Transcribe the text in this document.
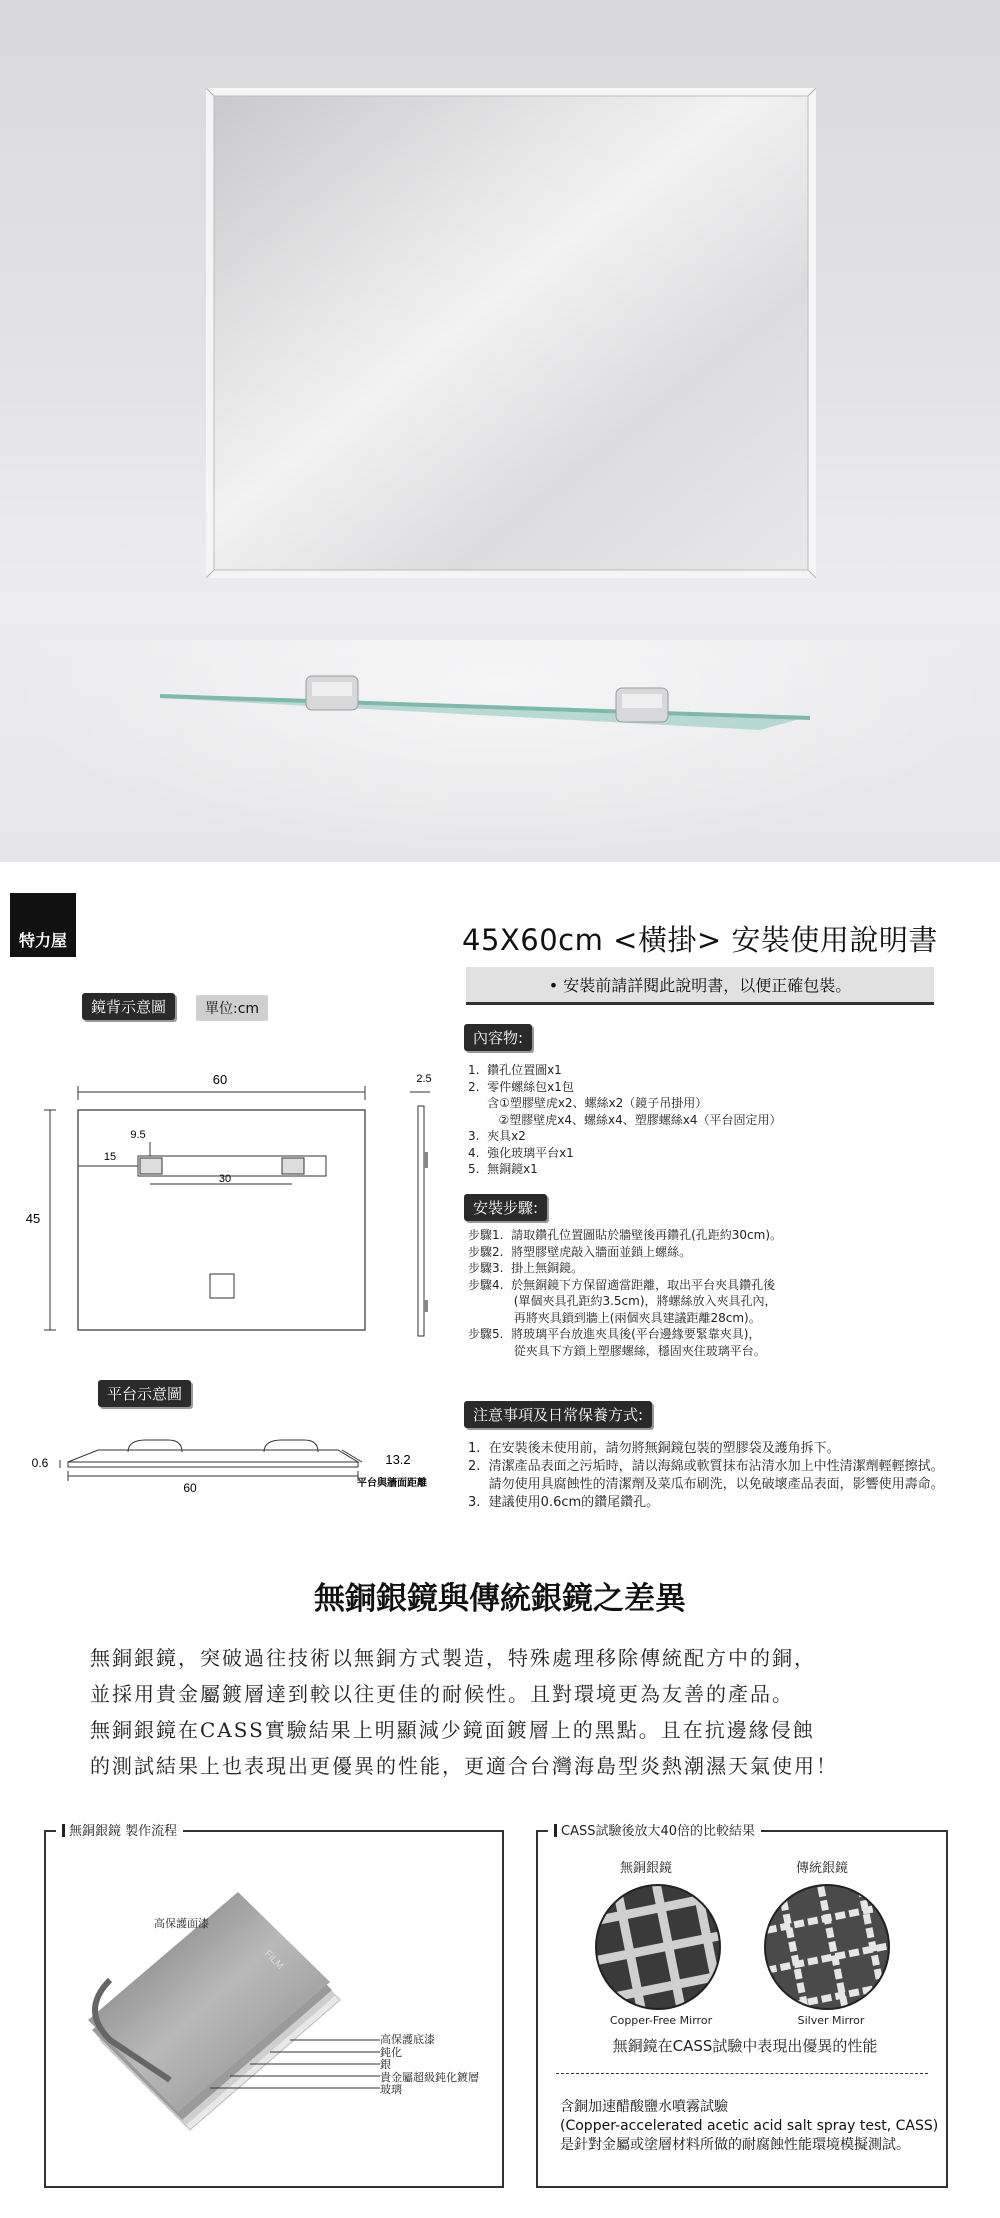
特力屋	45X60cm <橫掛> 安裝使用說明書
• 安裝前請詳閱此說明書，以便正確包裝。
鏡背示意圖	單位:cm
60
45
15
9.5
30
2.5
平台示意圖
0.6
60
13.2
平台與牆面距離
內容物:
1.  鑽孔位置圖x1
2.  零件螺絲包x1包
含①塑膠壁虎x2、螺絲x2（鏡子吊掛用）
②塑膠壁虎x4、螺絲x4、塑膠螺絲x4（平台固定用）
3.  夾具x2
4.  強化玻璃平台x1
5.  無銅鏡x1
安裝步驟:
步驟1.  請取鑽孔位置圖貼於牆壁後再鑽孔(孔距約30cm)。
步驟2.  將塑膠壁虎敲入牆面並鎖上螺絲。
步驟3.  掛上無銅鏡。
步驟4.  於無銅鏡下方保留適當距離，取出平台夾具鑽孔後
(單個夾具孔距約3.5cm)，將螺絲放入夾具孔內，
再將夾具鎖到牆上(兩個夾具建議距離28cm)。
步驟5.  將玻璃平台放進夾具後(平台邊緣要緊靠夾具)，
從夾具下方鎖上塑膠螺絲，穩固夾住玻璃平台。
注意事項及日常保養方式:
1.  在安裝後未使用前，請勿將無銅鏡包裝的塑膠袋及護角拆下。
2.  清潔產品表面之污垢時，請以海綿或軟質抹布沾清水加上中性清潔劑輕輕擦拭。
請勿使用具腐蝕性的清潔劑及菜瓜布刷洗，以免破壞產品表面，影響使用壽命。
3.  建議使用0.6cm的鑽尾鑽孔。
無銅銀鏡與傳統銀鏡之差異
無銅銀鏡，突破過往技術以無銅方式製造，特殊處理移除傳統配方中的銅，
並採用貴金屬鍍層達到較以往更佳的耐候性。且對環境更為友善的產品。
無銅銀鏡在CASS實驗結果上明顯減少鏡面鍍層上的黑點。且在抗邊緣侵蝕
的測試結果上也表現出更優異的性能，更適合台灣海島型炎熱潮濕天氣使用！
無銅銀鏡 製作流程
FiLM
高保護面漆
高保護底漆
鈍化
銀
貴金屬超級鈍化鍍層
玻璃
CASS試驗後放大40倍的比較結果
無銅銀鏡	傳統銀鏡
Copper-Free Mirror	Silver Mirror
無銅鏡在CASS試驗中表現出優異的性能
含銅加速醋酸鹽水噴霧試驗
(Copper-accelerated acetic acid salt spray test, CASS)
是針對金屬或塗層材料所做的耐腐蝕性能環境模擬測試。
